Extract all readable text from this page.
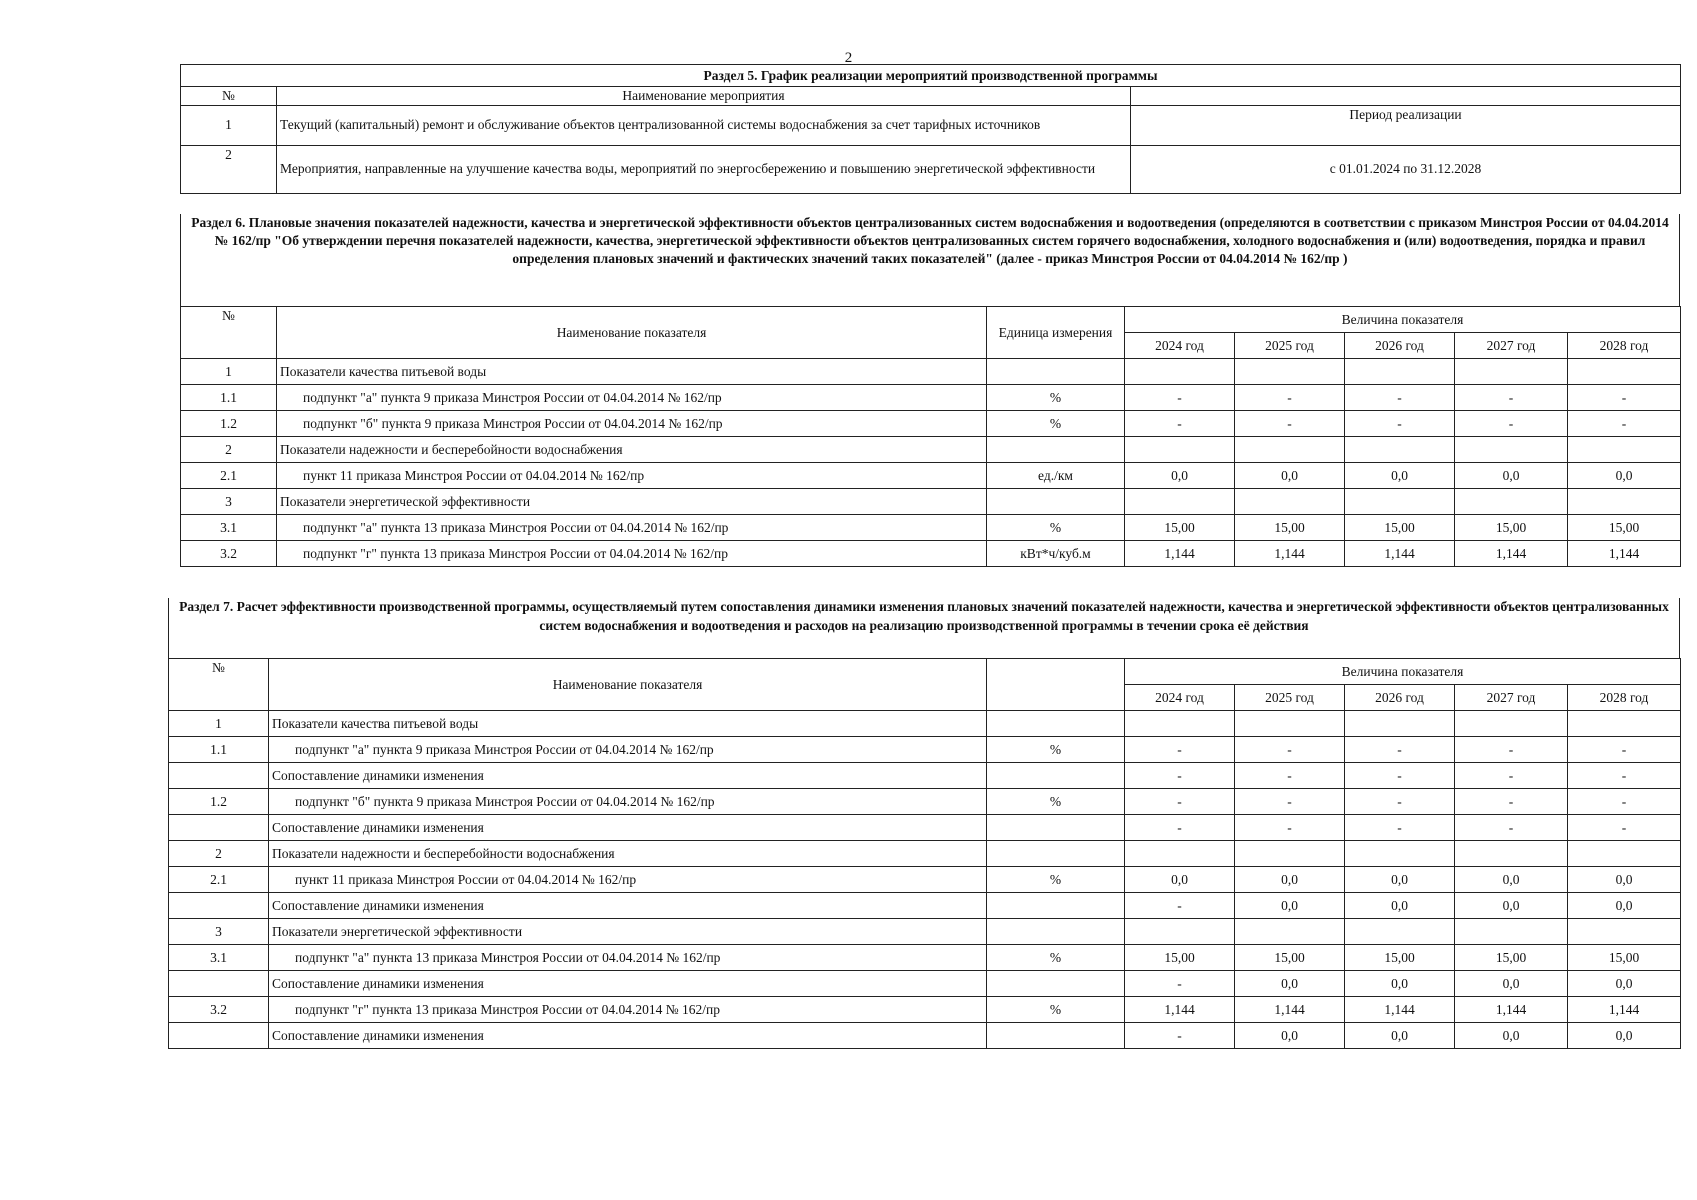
2
Раздел 5. График реализации мероприятий производственной программы		
№	Наименование мероприятия	
1	Текущий (капитальный) ремонт и обслуживание объектов централизованной системы водоснабжения за счет тарифных источников	Период реализации
2	Мероприятия, направленные на улучшение качества воды, мероприятий по энергосбережению и повышению энергетической эффективности	с 01.01.2024 по 31.12.2028
Раздел 6. Плановые значения показателей надежности, качества и энергетической эффективности объектов централизованных систем водоснабжения и водоотведения (определяются в соответствии с приказом Минстроя России от 04.04.2014 № 162/пр "Об утверждении перечня показателей надежности, качества, энергетической эффективности объектов централизованных систем горячего водоснабжения, холодного водоснабжения и (или) водоотведения, порядка и правил определения плановых значений и фактических значений таких показателей" (далее - приказ Минстроя России от 04.04.2014 № 162/пр )
№	Наименование показателя	Единица измерения	Величина показателя				
			2024 год	2025 год	2026 год	2027 год	2028 год
1	Показатели качества питьевой воды						
1.1	подпункт "а" пункта 9 приказа Минстроя России от 04.04.2014 № 162/пр	%	-	-	-	-	-
1.2	подпункт "б" пункта 9 приказа Минстроя России от 04.04.2014 № 162/пр	%	-	-	-	-	-
2	Показатели надежности и бесперебойности водоснабжения						
2.1	пункт 11 приказа Минстроя России от 04.04.2014 № 162/пр	ед./км	0,0	0,0	0,0	0,0	0,0
3	Показатели энергетической эффективности						
3.1	подпункт "а" пункта 13 приказа Минстроя России от 04.04.2014 № 162/пр	%	15,00	15,00	15,00	15,00	15,00
3.2	подпункт "г" пункта 13 приказа Минстроя России от 04.04.2014 № 162/пр	кВт*ч/куб.м	1,144	1,144	1,144	1,144	1,144
Раздел 7. Расчет эффективности производственной программы, осуществляемый путем сопоставления динамики изменения плановых значений показателей надежности, качества и энергетической эффективности объектов централизованных систем водоснабжения и водоотведения и расходов на реализацию производственной программы в течении срока её действия
№	Наименование показателя		Величина показателя				
			2024 год	2025 год	2026 год	2027 год	2028 год
1	Показатели качества питьевой воды						
1.1	подпункт "а" пункта 9 приказа Минстроя России от 04.04.2014 № 162/пр	%	-	-	-	-	-
	Сопоставление динамики изменения		-	-	-	-	-
1.2	подпункт "б" пункта 9 приказа Минстроя России от 04.04.2014 № 162/пр	%	-	-	-	-	-
	Сопоставление динамики изменения		-	-	-	-	-
2	Показатели надежности и бесперебойности водоснабжения						
2.1	пункт 11 приказа Минстроя России от 04.04.2014 № 162/пр	%	0,0	0,0	0,0	0,0	0,0
	Сопоставление динамики изменения		-	0,0	0,0	0,0	0,0
3	Показатели энергетической эффективности						
3.1	подпункт "а" пункта 13 приказа Минстроя России от 04.04.2014 № 162/пр	%	15,00	15,00	15,00	15,00	15,00
	Сопоставление динамики изменения		-	0,0	0,0	0,0	0,0
3.2	подпункт "г" пункта 13 приказа Минстроя России от 04.04.2014 № 162/пр	%	1,144	1,144	1,144	1,144	1,144
	Сопоставление динамики изменения		-	0,0	0,0	0,0	0,0
